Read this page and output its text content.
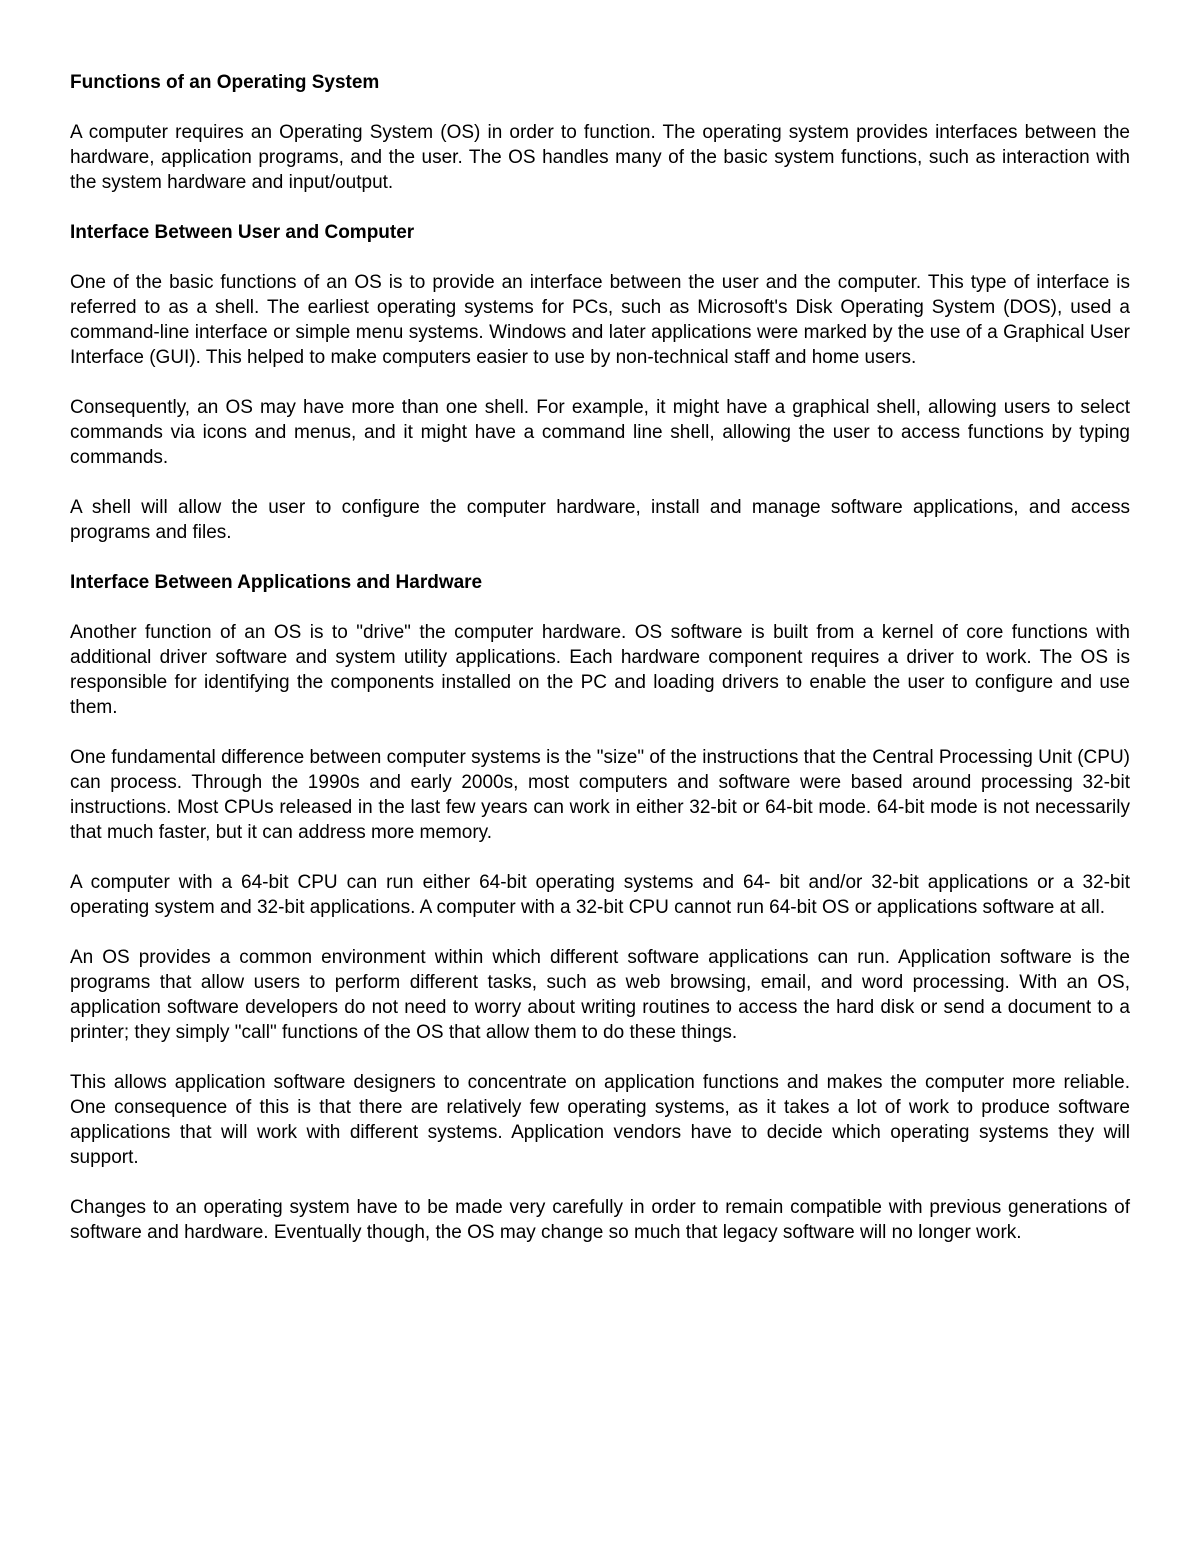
Functions of an Operating System

A computer requires an Operating System (OS) in order to function. The operating system provides interfaces between the hardware, application programs, and the user. The OS handles many of the basic system functions, such as interaction with the system hardware and input/output.

Interface Between User and Computer

One of the basic functions of an OS is to provide an interface between the user and the computer. This type of interface is referred to as a shell. The earliest operating systems for PCs, such as Microsoft's Disk Operating System (DOS), used a command-line interface or simple menu systems. Windows and later applications were marked by the use of a Graphical User Interface (GUI). This helped to make computers easier to use by non-technical staff and home users.

Consequently, an OS may have more than one shell. For example, it might have a graphical shell, allowing users to select commands via icons and menus, and it might have a command line shell, allowing the user to access functions by typing commands.

A shell will allow the user to configure the computer hardware, install and manage software applications, and access programs and files.

Interface Between Applications and Hardware

Another function of an OS is to "drive" the computer hardware. OS software is built from a kernel of core functions with additional driver software and system utility applications. Each hardware component requires a driver to work. The OS is responsible for identifying the components installed on the PC and loading drivers to enable the user to configure and use them.

One fundamental difference between computer systems is the "size" of the instructions that the Central Processing Unit (CPU) can process. Through the 1990s and early 2000s, most computers and software were based around processing 32-bit instructions. Most CPUs released in the last few years can work in either 32-bit or 64-bit mode. 64-bit mode is not necessarily that much faster, but it can address more memory.

A computer with a 64-bit CPU can run either 64-bit operating systems and 64- bit and/or 32-bit applications or a 32-bit operating system and 32-bit applications. A computer with a 32-bit CPU cannot run 64-bit OS or applications software at all.

An OS provides a common environment within which different software applications can run. Application software is the programs that allow users to perform different tasks, such as web browsing, email, and word processing. With an OS, application software developers do not need to worry about writing routines to access the hard disk or send a document to a printer; they simply "call" functions of the OS that allow them to do these things.

This allows application software designers to concentrate on application functions and makes the computer more reliable. One consequence of this is that there are relatively few operating systems, as it takes a lot of work to produce software applications that will work with different systems. Application vendors have to decide which operating systems they will support.

Changes to an operating system have to be made very carefully in order to remain compatible with previous generations of software and hardware. Eventually though, the OS may change so much that legacy software will no longer work.
